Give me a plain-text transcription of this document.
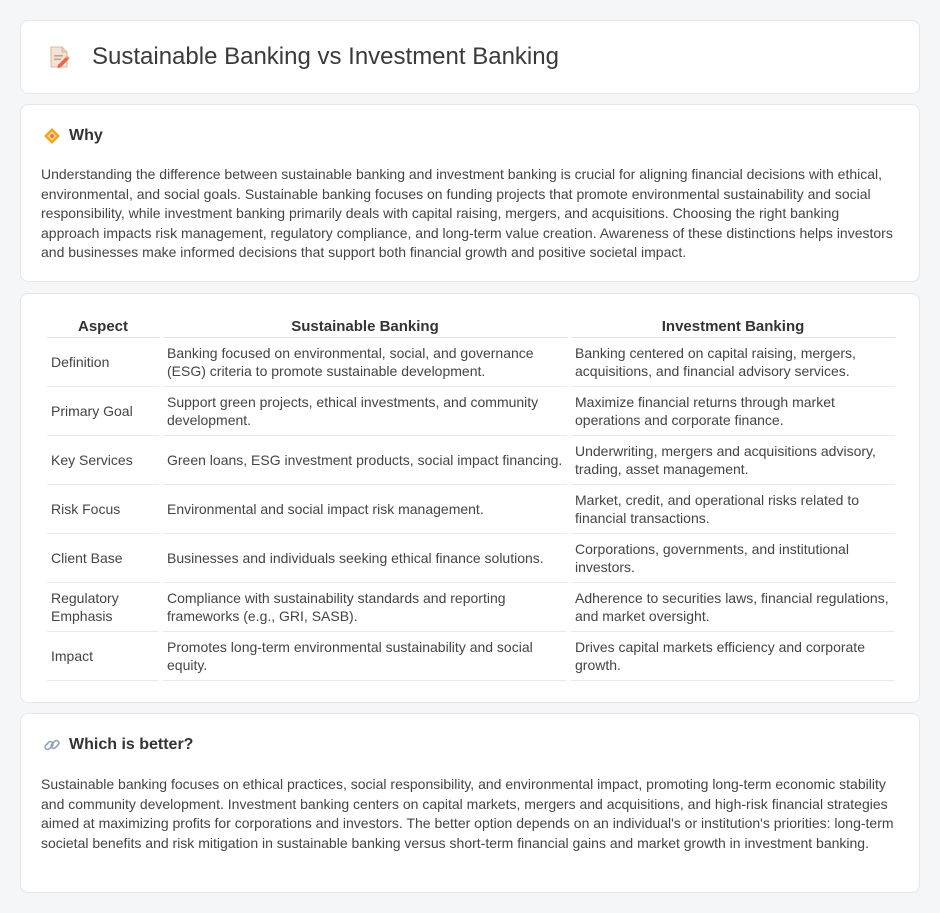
Sustainable Banking vs Investment Banking
Why

Understanding the difference between sustainable banking and investment banking is crucial for aligning financial decisions with ethical, environmental, and social goals. Sustainable banking focuses on funding projects that promote environmental sustainability and social responsibility, while investment banking primarily deals with capital raising, mergers, and acquisitions. Choosing the right banking approach impacts risk management, regulatory compliance, and long-term value creation. Awareness of these distinctions helps investors and businesses make informed decisions that support both financial growth and positive societal impact.

Aspect	Sustainable Banking	Investment Banking
Definition	Banking focused on environmental, social, and governance (ESG) criteria to promote sustainable development.	Banking centered on capital raising, mergers, acquisitions, and financial advisory services.
Primary Goal	Support green projects, ethical investments, and community development.	Maximize financial returns through market operations and corporate finance.
Key Services	Green loans, ESG investment products, social impact financing.	Underwriting, mergers and acquisitions advisory, trading, asset management.
Risk Focus	Environmental and social impact risk management.	Market, credit, and operational risks related to financial transactions.
Client Base	Businesses and individuals seeking ethical finance solutions.	Corporations, governments, and institutional investors.
Regulatory Emphasis	Compliance with sustainability standards and reporting frameworks (e.g., GRI, SASB).	Adherence to securities laws, financial regulations, and market oversight.
Impact	Promotes long-term environmental sustainability and social equity.	Drives capital markets efficiency and corporate growth.
Which is better?

Sustainable banking focuses on ethical practices, social responsibility, and environmental impact, promoting long-term economic stability and community development. Investment banking centers on capital markets, mergers and acquisitions, and high-risk financial strategies aimed at maximizing profits for corporations and investors. The better option depends on an individual's or institution's priorities: long-term societal benefits and risk mitigation in sustainable banking versus short-term financial gains and market growth in investment banking.
